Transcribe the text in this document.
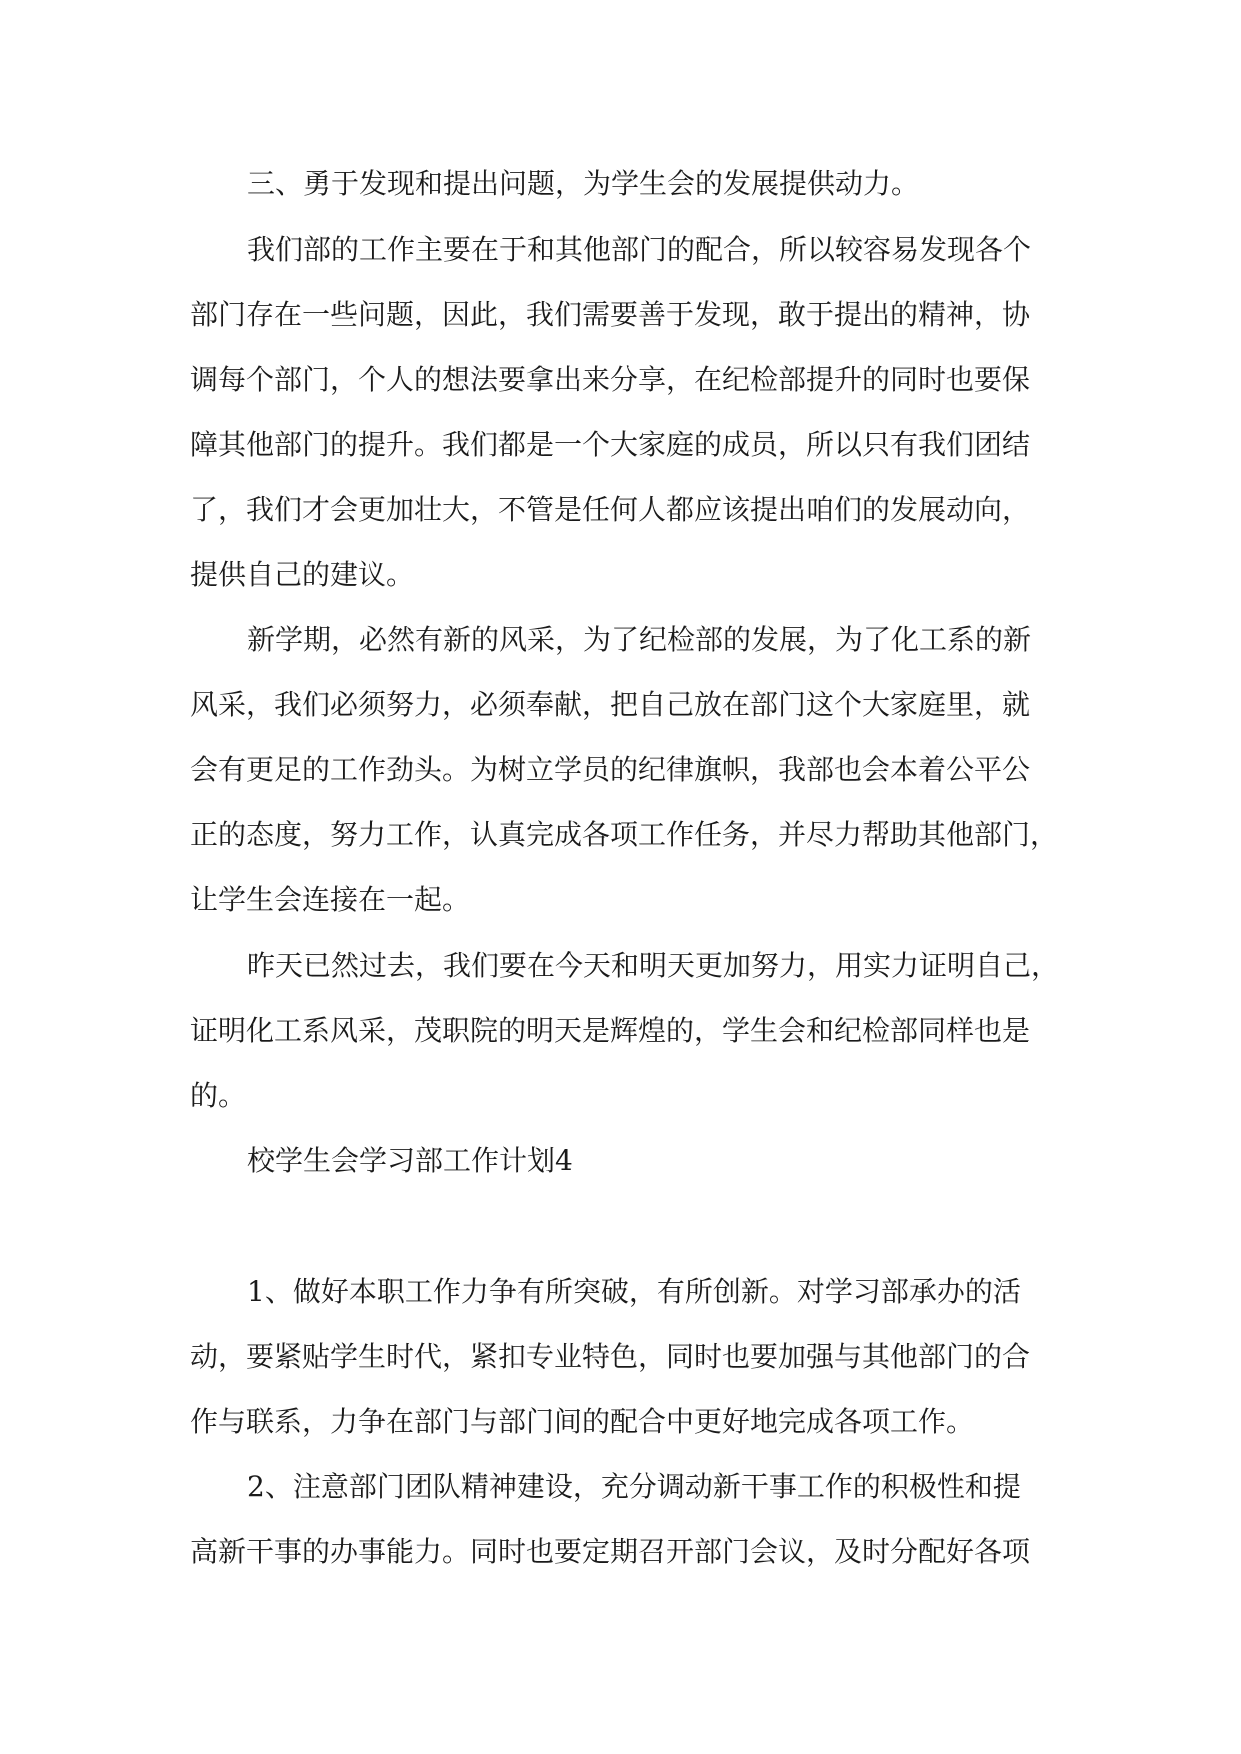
三、勇于发现和提出问题，为学生会的发展提供动力。

我们部的工作主要在于和其他部门的配合，所以较容易发现各个

部门存在一些问题，因此，我们需要善于发现，敢于提出的精神，协

调每个部门，个人的想法要拿出来分享，在纪检部提升的同时也要保

障其他部门的提升。我们都是一个大家庭的成员，所以只有我们团结

了，我们才会更加壮大，不管是任何人都应该提出咱们的发展动向，

提供自己的建议。

新学期，必然有新的风采，为了纪检部的发展，为了化工系的新

风采，我们必须努力，必须奉献，把自己放在部门这个大家庭里，就

会有更足的工作劲头。为树立学员的纪律旗帜，我部也会本着公平公

正的态度，努力工作，认真完成各项工作任务，并尽力帮助其他部门，

让学生会连接在一起。

昨天已然过去，我们要在今天和明天更加努力，用实力证明自己，

证明化工系风采，茂职院的明天是辉煌的，学生会和纪检部同样也是

的。

校学生会学习部工作计划4

1、做好本职工作力争有所突破，有所创新。对学习部承办的活

动，要紧贴学生时代，紧扣专业特色，同时也要加强与其他部门的合

作与联系，力争在部门与部门间的配合中更好地完成各项工作。

2、注意部门团队精神建设，充分调动新干事工作的积极性和提

高新干事的办事能力。同时也要定期召开部门会议，及时分配好各项
